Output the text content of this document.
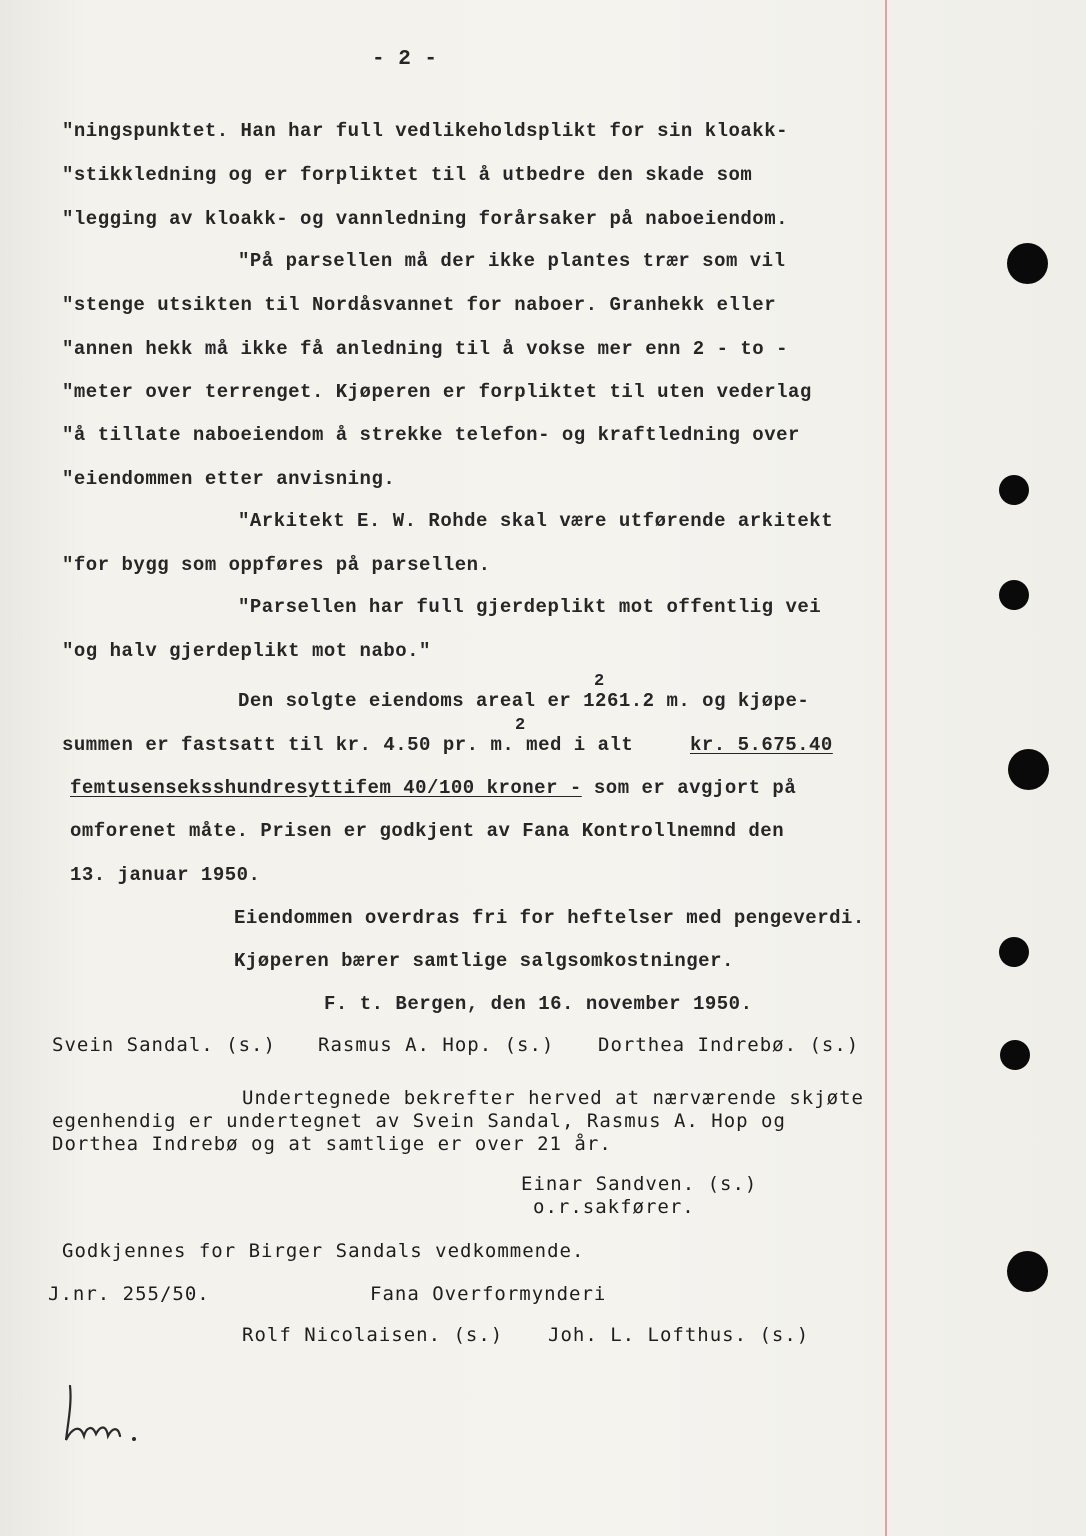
- 2 -
"ningspunktet. Han har full vedlikeholdsplikt for sin kloakk-
"stikkledning og er forpliktet til å utbedre den skade som
"legging av kloakk- og vannledning forårsaker på naboeiendom.
"På parsellen må der ikke plantes trær som vil
"stenge utsikten til Nordåsvannet for naboer. Granhekk eller
"annen hekk må ikke få anledning til å vokse mer enn 2 - to -
"meter over terrenget. Kjøperen er forpliktet til uten vederlag
"å tillate naboeiendom å strekke telefon- og kraftledning over
"eiendommen etter anvisning.
"Arkitekt E. W. Rohde skal være utførende arkitekt
"for bygg som oppføres på parsellen.
"Parsellen har full gjerdeplikt mot offentlig vei
"og halv gjerdeplikt mot nabo."
2
Den solgte eiendoms areal er 1261.2 m. og kjøpe-
2
summen er fastsatt til kr. 4.50 pr. m. med i alt	kr. 5.675.40
femtusenseksshundresyttifem 40/100 kroner - som er avgjort på
omforenet måte. Prisen er godkjent av Fana Kontrollnemnd den
13. januar 1950.
Eiendommen overdras fri for heftelser med pengeverdi.
Kjøperen bærer samtlige salgsomkostninger.
F. t. Bergen, den 16. november 1950.
Svein Sandal. (s.) Rasmus A. Hop. (s.) Dorthea Indrebø. (s.)
Undertegnede bekrefter herved at nærværende skjøte
egenhendig er undertegnet av Svein Sandal, Rasmus A. Hop og
Dorthea Indrebø og at samtlige er over 21 år.
Einar Sandven. (s.)
o.r.sakfører.
Godkjennes for Birger Sandals vedkommende.
J.nr. 255/50.	Fana Overformynderi
Rolf Nicolaisen. (s.) Joh. L. Lofthus. (s.)
